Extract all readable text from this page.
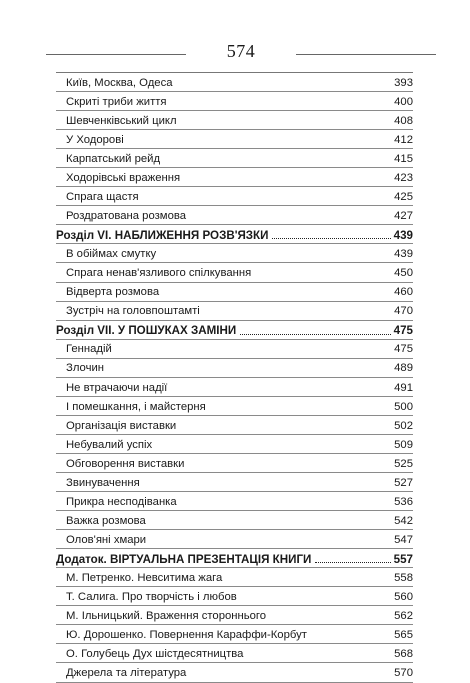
574
Київ, Москва, Одеса	393
Скриті триби життя	400
Шевченківський цикл	408
У Ходорові	412
Карпатський рейд	415
Ходорівські враження	423
Спрага щастя	425
Роздратована розмова	427
Розділ VI. НАБЛИЖЕННЯ РОЗВ'ЯЗКИ	439
В обіймах смутку	439
Спрага ненав'язливого спілкування	450
Відверта розмова	460
Зустріч на головпоштамті	470
Розділ VII. У ПОШУКАХ ЗАМІНИ	475
Геннадій	475
Злочин	489
Не втрачаючи надії	491
І помешкання, і майстерня	500
Організація виставки	502
Небувалий успіх	509
Обговорення виставки	525
Звинувачення	527
Прикра несподіванка	536
Важка розмова	542
Олов'яні хмари	547
Додаток. ВІРТУАЛЬНА ПРЕЗЕНТАЦІЯ КНИГИ	557
М. Петренко. Невситима жага	558
Т. Салига. Про творчість і любов	560
М. Ільницький. Враження стороннього	562
Ю. Дорошенко. Повернення Караффи-Корбут	565
О. Голубець Дух шістдесятництва	568
Джерела та література	570
